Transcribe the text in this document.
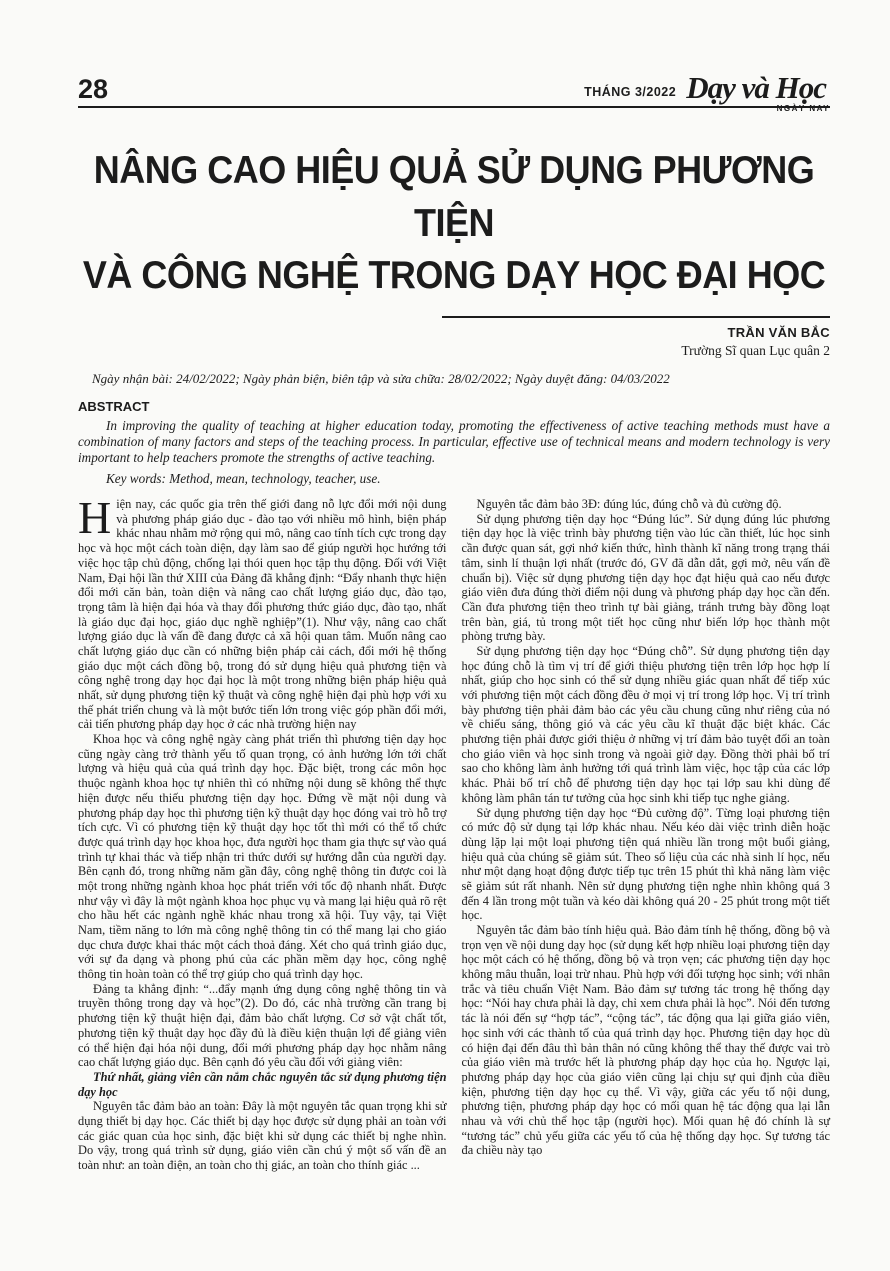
28	THÁNG 3/2022 Dạy và Học
NGÀY NAY
NÂNG CAO HIỆU QUẢ SỬ DỤNG PHƯƠNG TIỆN
VÀ CÔNG NGHỆ TRONG DẠY HỌC ĐẠI HỌC
TRẦN VĂN BẮC
Trường Sĩ quan Lục quân 2
Ngày nhận bài: 24/02/2022; Ngày phản biện, biên tập và sửa chữa: 28/02/2022; Ngày duyệt đăng: 04/03/2022
ABSTRACT
In improving the quality of teaching at higher education today, promoting the effectiveness of active teaching methods must have a combination of many factors and steps of the teaching process. In particular, effective use of technical means and modern technology is very important to help teachers promote the strengths of active teaching.
Key words: Method, mean, technology, teacher, use.

Hiện nay, các quốc gia trên thế giới đang nỗ lực đổi mới nội dung và phương pháp giáo dục - đào tạo với nhiều mô hình, biện pháp khác nhau nhằm mở rộng qui mô, nâng cao tính tích cực trong dạy học và học một cách toàn diện, dạy làm sao để giúp người học hướng tới việc học tập chủ động, chống lại thói quen học tập thụ động. Đối với Việt Nam, Đại hội lần thứ XIII của Đảng đã khẳng định: “Đẩy nhanh thực hiện đổi mới căn bản, toàn diện và nâng cao chất lượng giáo dục, đào tạo, trọng tâm là hiện đại hóa và thay đổi phương thức giáo dục, đào tạo, nhất là giáo dục đại học, giáo dục nghề nghiệp”(1). Như vậy, nâng cao chất lượng giáo dục là vấn đề đang được cả xã hội quan tâm. Muốn nâng cao chất lượng giáo dục cần có những biện pháp cải cách, đổi mới hệ thống giáo dục một cách đồng bộ, trong đó sử dụng hiệu quả phương tiện và công nghệ trong dạy học đại học là một trong những biện pháp hiệu quả nhất, sử dụng phương tiện kỹ thuật và công nghệ hiện đại phù hợp với xu thế phát triển chung và là một bước tiến lớn trong việc góp phần đổi mới, cải tiến phương pháp dạy học ở các nhà trường hiện nay

Khoa học và công nghệ ngày càng phát triển thì phương tiện dạy học cũng ngày càng trở thành yếu tố quan trọng, có ảnh hưởng lớn tới chất lượng và hiệu quả của quá trình dạy học. Đặc biệt, trong các môn học thuộc ngành khoa học tự nhiên thì có những nội dung sẽ không thể thực hiện được nếu thiếu phương tiện dạy học. Đứng về mặt nội dung và phương pháp dạy học thì phương tiện kỹ thuật dạy học đóng vai trò hỗ trợ tích cực. Vì có phương tiện kỹ thuật dạy học tốt thì mới có thể tổ chức được quá trình dạy học khoa học, đưa người học tham gia thực sự vào quá trình tự khai thác và tiếp nhận tri thức dưới sự hướng dẫn của người dạy. Bên cạnh đó, trong những năm gần đây, công nghệ thông tin được coi là một trong những ngành khoa học phát triển với tốc độ nhanh nhất. Được như vậy vì đây là một ngành khoa học phục vụ và mang lại hiệu quả rõ rệt cho hầu hết các ngành nghề khác nhau trong xã hội. Tuy vậy, tại Việt Nam, tiềm năng to lớn mà công nghệ thông tin có thể mang lại cho giáo dục chưa được khai thác một cách thoả đáng. Xét cho quá trình giáo dục, với sự đa dạng và phong phú của các phần mềm dạy học, công nghệ thông tin hoàn toàn có thể trợ giúp cho quá trình dạy học.

Đảng ta khẳng định: “...đẩy mạnh ứng dụng công nghệ thông tin và truyền thông trong dạy và học”(2). Do đó, các nhà trường cần trang bị phương tiện kỹ thuật hiện đại, đảm bảo chất lượng. Cơ sở vật chất tốt, phương tiện kỹ thuật dạy học đầy đủ là điều kiện thuận lợi để giảng viên có thể hiện đại hóa nội dung, đổi mới phương pháp dạy học nhằm nâng cao chất lượng giáo dục. Bên cạnh đó yêu cầu đối với giảng viên:

Thứ nhất, giảng viên cần nắm chắc nguyên tắc sử dụng phương tiện dạy học

Nguyên tắc đảm bảo an toàn: Đây là một nguyên tắc quan trọng khi sử dụng thiết bị dạy học. Các thiết bị dạy học được sử dụng phải an toàn với các giác quan của học sinh, đặc biệt khi sử dụng các thiết bị nghe nhìn. Do vậy, trong quá trình sử dụng, giáo viên cần chú ý một số vấn đề an toàn như: an toàn điện, an toàn cho thị giác, an toàn cho thính giác ...

Nguyên tắc đảm bảo 3Đ: đúng lúc, đúng chỗ và đủ cường độ.

Sử dụng phương tiện dạy học “Đúng lúc”. Sử dụng đúng lúc phương tiện dạy học là việc trình bày phương tiện vào lúc cần thiết, lúc học sinh cần được quan sát, gợi nhớ kiến thức, hình thành kĩ năng trong trạng thái tâm, sinh lí thuận lợi nhất (trước đó, GV đã dẫn dắt, gợi mở, nêu vấn đề chuẩn bị). Việc sử dụng phương tiện dạy học đạt hiệu quả cao nếu được giáo viên đưa đúng thời điểm nội dung và phương pháp dạy học cần đến. Cần đưa phương tiện theo trình tự bài giảng, tránh trưng bày đồng loạt trên bàn, giá, tủ trong một tiết học cũng như biến lớp học thành một phòng trưng bày.

Sử dụng phương tiện dạy học “Đúng chỗ”. Sử dụng phương tiện dạy học đúng chỗ là tìm vị trí để giới thiệu phương tiện trên lớp học hợp lí nhất, giúp cho học sinh có thể sử dụng nhiều giác quan nhất để tiếp xúc với phương tiện một cách đồng đều ở mọi vị trí trong lớp học. Vị trí trình bày phương tiện phải đảm bảo các yêu cầu chung cũng như riêng của nó về chiếu sáng, thông gió và các yêu cầu kĩ thuật đặc biệt khác. Các phương tiện phải được giới thiệu ở những vị trí đảm bảo tuyệt đối an toàn cho giáo viên và học sinh trong và ngoài giờ dạy. Đồng thời phải bố trí sao cho không làm ảnh hưởng tới quá trình làm việc, học tập của các lớp khác. Phải bố trí chỗ để phương tiện dạy học tại lớp sau khi dùng để không làm phân tán tư tưởng của học sinh khi tiếp tục nghe giảng.

Sử dụng phương tiện dạy học “Đủ cường độ”. Từng loại phương tiện có mức độ sử dụng tại lớp khác nhau. Nếu kéo dài việc trình diễn hoặc dùng lặp lại một loại phương tiện quá nhiều lần trong một buổi giảng, hiệu quả của chúng sẽ giảm sút. Theo số liệu của các nhà sinh lí học, nếu như một dạng hoạt động được tiếp tục trên 15 phút thì khả năng làm việc sẽ giảm sút rất nhanh. Nên sử dụng phương tiện nghe nhìn không quá 3 đến 4 lần trong một tuần và kéo dài không quá 20 - 25 phút trong một tiết học.

Nguyên tắc đảm bảo tính hiệu quả. Bảo đảm tính hệ thống, đồng bộ và trọn vẹn về nội dung dạy học (sử dụng kết hợp nhiều loại phương tiện dạy học một cách có hệ thống, đồng bộ và trọn vẹn; các phương tiện dạy học không mâu thuẫn, loại trừ nhau. Phù hợp với đối tượng học sinh; với nhân trắc và tiêu chuẩn Việt Nam. Bảo đảm sự tương tác trong hệ thống dạy học: “Nói hay chưa phải là dạy, chỉ xem chưa phải là học”. Nói đến tương tác là nói đến sự “hợp tác”, “cộng tác”, tác động qua lại giữa giáo viên, học sinh với các thành tố của quá trình dạy học. Phương tiện dạy học dù có hiện đại đến đâu thì bản thân nó cũng không thể thay thế được vai trò của giáo viên mà trước hết là phương pháp dạy học của họ. Ngược lại, phương pháp dạy học của giáo viên cũng lại chịu sự qui định của điều kiện, phương tiện dạy học cụ thể. Vì vậy, giữa các yếu tố nội dung, phương tiện, phương pháp dạy học có mối quan hệ tác động qua lại lẫn nhau và với chủ thể học tập (người học). Mối quan hệ đó chính là sự “tương tác” chủ yếu giữa các yếu tố của hệ thống dạy học. Sự tương tác đa chiều này tạo
